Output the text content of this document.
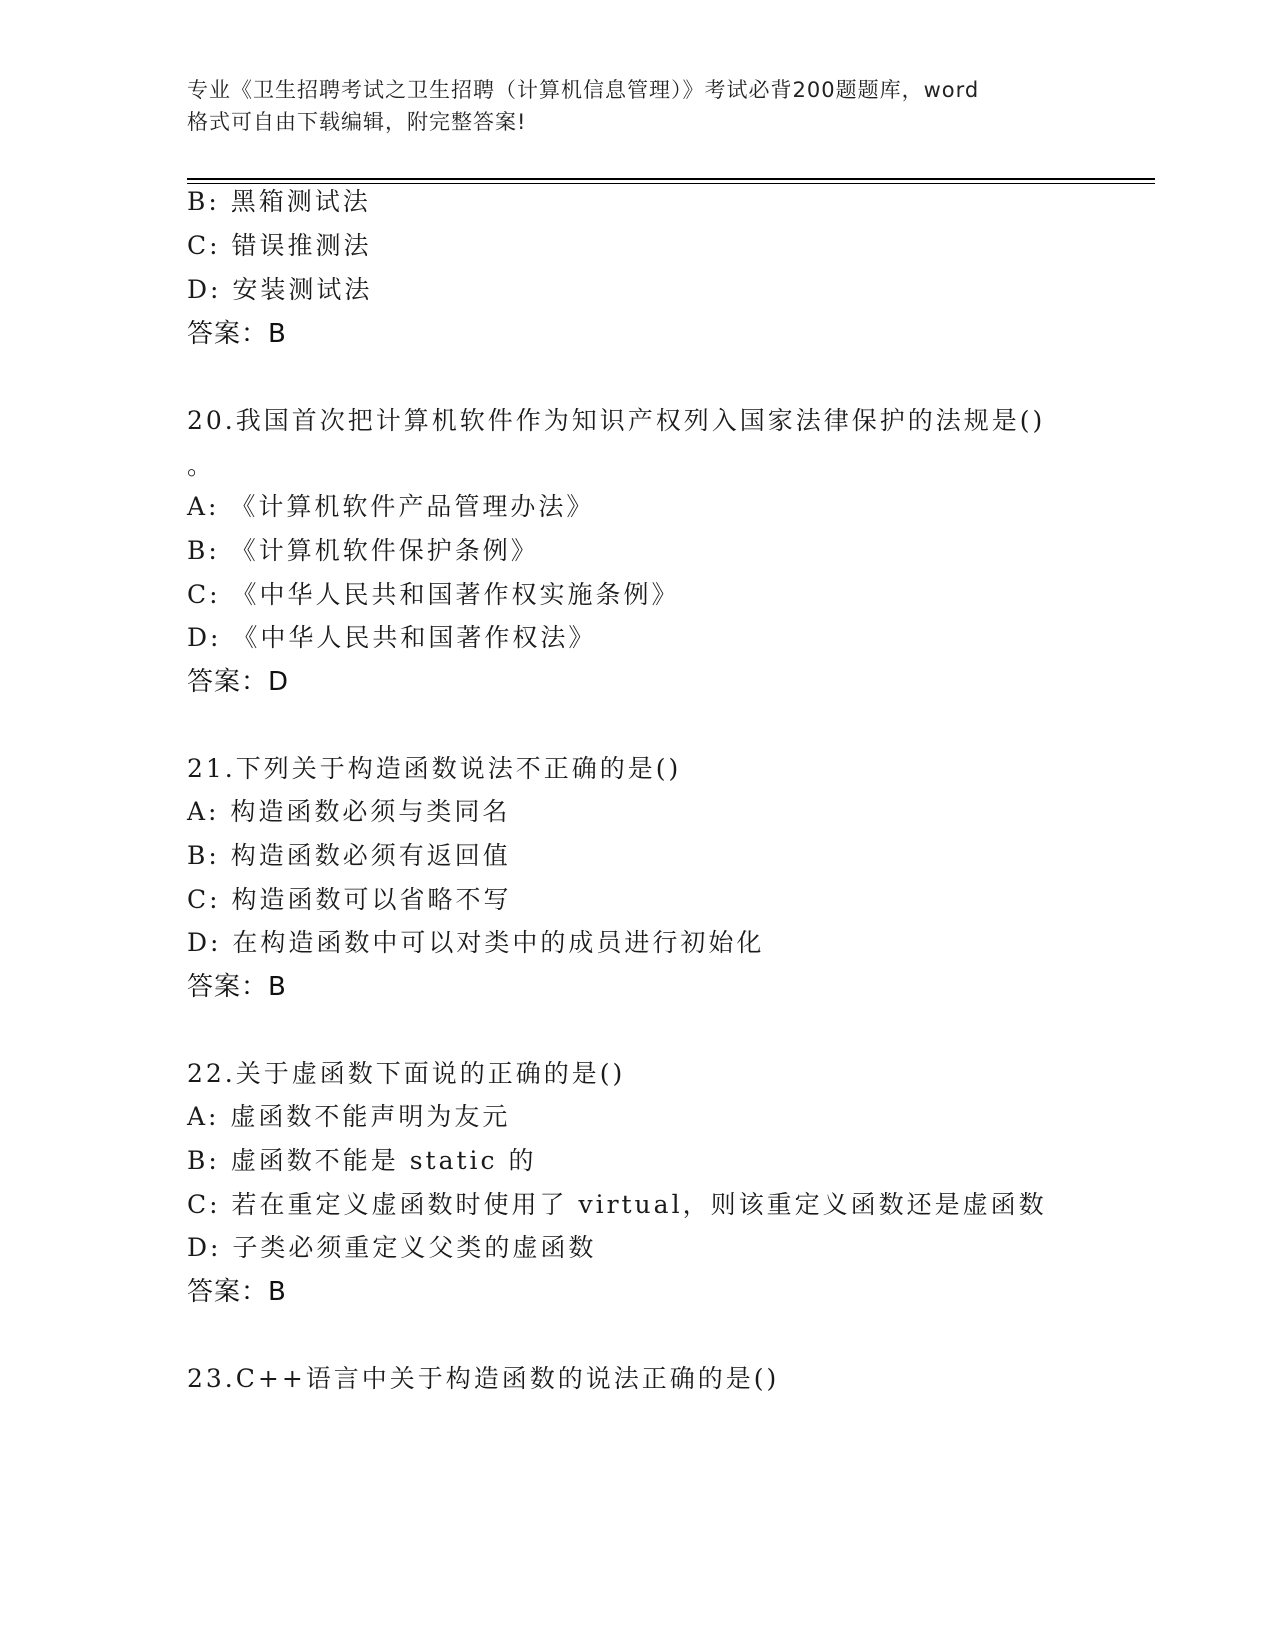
专业《卫生招聘考试之卫生招聘（计算机信息管理）》考试必背200题题库，word
格式可自由下载编辑，附完整答案!
B: 黑箱测试法
C: 错误推测法
D: 安装测试法
答案：B
20.我国首次把计算机软件作为知识产权列入国家法律保护的法规是()
。
A: 《计算机软件产品管理办法》
B: 《计算机软件保护条例》
C: 《中华人民共和国著作权实施条例》
D: 《中华人民共和国著作权法》
答案：D
21.下列关于构造函数说法不正确的是()
A: 构造函数必须与类同名
B: 构造函数必须有返回值
C: 构造函数可以省略不写
D: 在构造函数中可以对类中的成员进行初始化
答案：B
22.关于虚函数下面说的正确的是()
A: 虚函数不能声明为友元
B: 虚函数不能是 static 的
C: 若在重定义虚函数时使用了 virtual，则该重定义函数还是虚函数
D: 子类必须重定义父类的虚函数
答案：B
23.C++语言中关于构造函数的说法正确的是()
